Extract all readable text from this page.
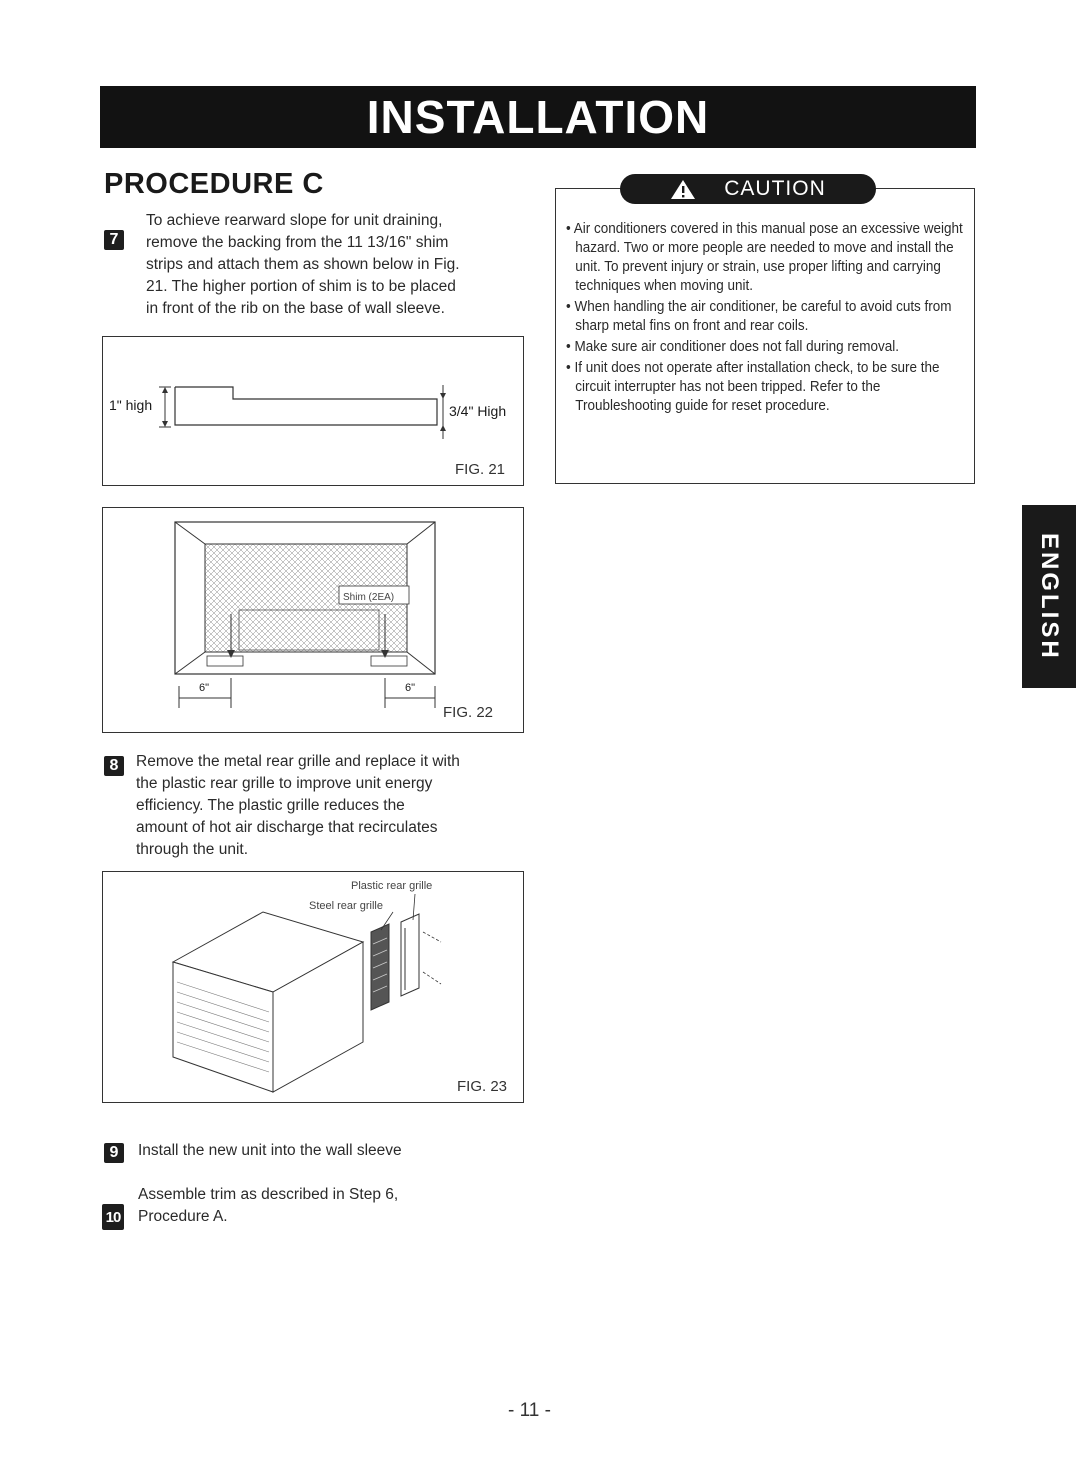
INSTALLATION
PROCEDURE C
7
To achieve rearward slope for unit draining,
remove the backing from the 11 13/16" shim
strips and attach them as shown below in Fig.
21. The higher portion of shim is to be placed
in front of the rib on the base of wall sleeve.
1" high	3/4" High
FIG. 21
Shim (2EA)
6"	6"
FIG. 22
8	Remove the metal rear grille and replace it with
the plastic rear grille to improve unit energy
efficiency. The plastic grille reduces the
amount of hot air discharge that recirculates
through the unit.
Plastic rear grille
Steel rear grille
FIG. 23
9	Install the new unit into the wall sleeve
10
Assemble trim as described in Step 6,
Procedure A.
CAUTION
• Air conditioners covered in this manual pose an excessive weight hazard. Two or more people are needed to move and install the unit. To prevent injury or strain, use proper lifting and carrying techniques when moving unit.
• When handling the air conditioner, be careful to avoid cuts from sharp metal fins on front and rear coils.
• Make sure air conditioner does not fall during removal.
• If unit does not operate after installation check, to be sure the circuit interrupter has not been tripped. Refer to the Troubleshooting guide for reset procedure.
ENGLISH
- 11 -
